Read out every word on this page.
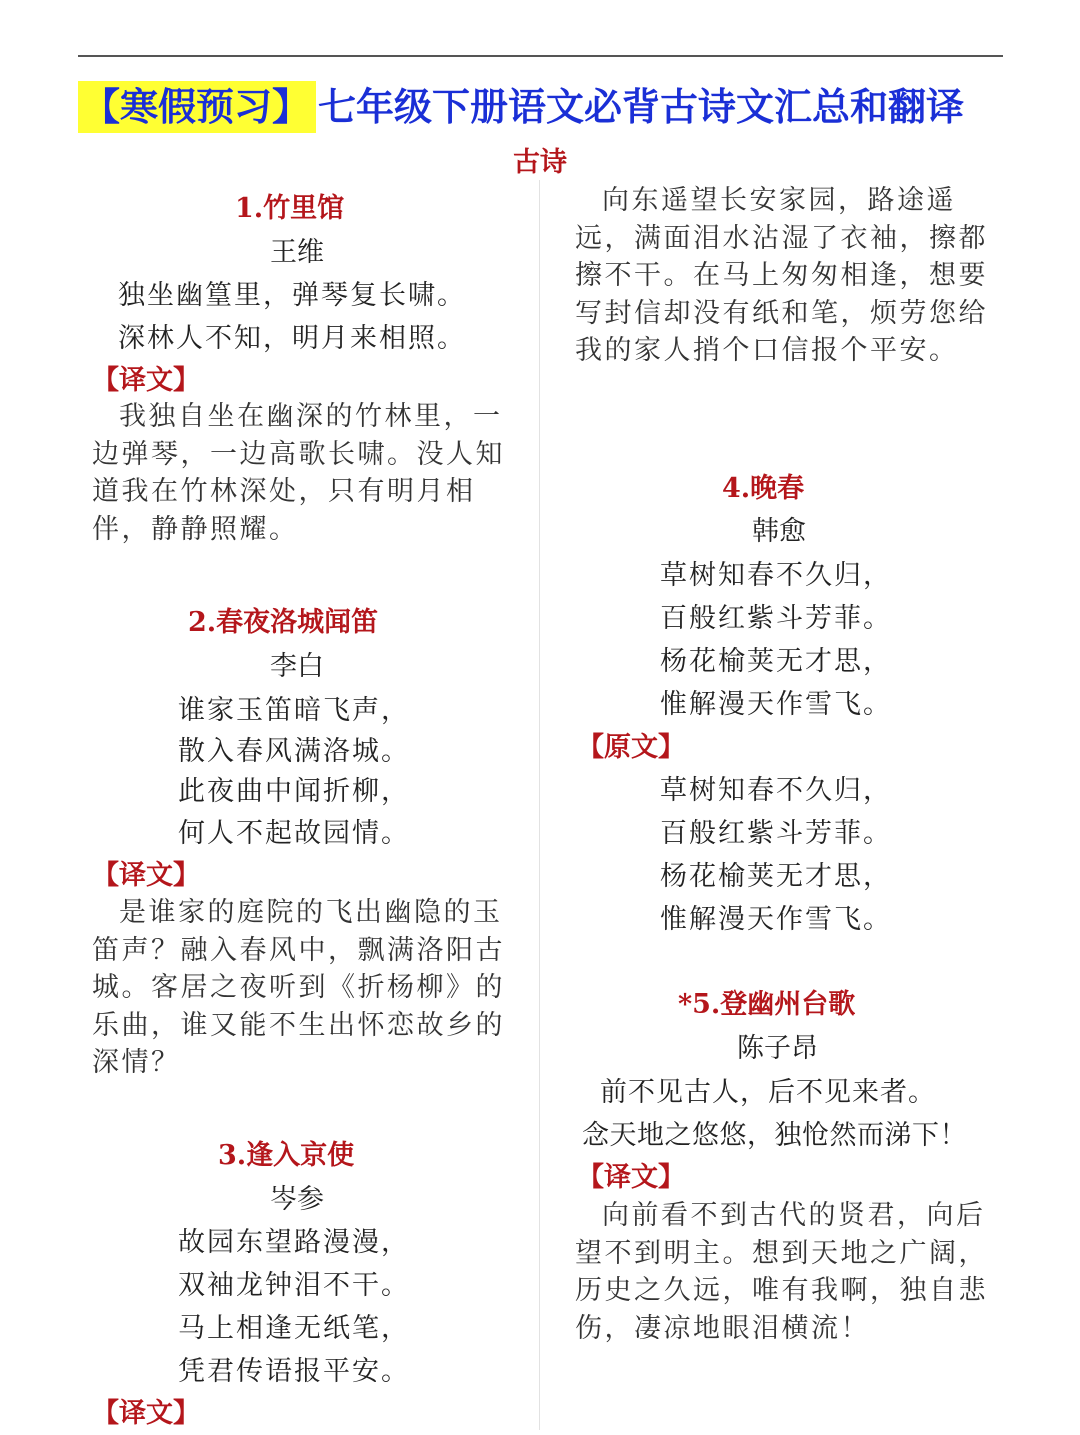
【寒假预习】 七年级下册语文必背古诗文汇总和翻译
古诗
1.竹里馆
王维
独坐幽篁里，弹琴复长啸。
深林人不知，明月来相照。
【译文】
我独自坐在幽深的竹林里，一边弹琴，一边高歌长啸。没人知道我在竹林深处，只有明月相伴，静静照耀。
2.春夜洛城闻笛
李白
谁家玉笛暗飞声，
散入春风满洛城。
此夜曲中闻折柳，
何人不起故园情。
【译文】
是谁家的庭院的飞出幽隐的玉笛声？融入春风中，飘满洛阳古城。客居之夜听到《折杨柳》的乐曲，谁又能不生出怀恋故乡的深情？
3.逢入京使
岑参
故园东望路漫漫，
双袖龙钟泪不干。
马上相逢无纸笔，
凭君传语报平安。
【译文】
向东遥望长安家园，路途遥远，满面泪水沾湿了衣袖，擦都擦不干。在马上匆匆相逢，想要写封信却没有纸和笔，烦劳您给我的家人捎个口信报个平安。
4.晚春
韩愈
草树知春不久归，
百般红紫斗芳菲。
杨花榆荚无才思，
惟解漫天作雪飞。
【原文】
草树知春不久归，
百般红紫斗芳菲。
杨花榆荚无才思，
惟解漫天作雪飞。
*5.登幽州台歌
陈子昂
前不见古人，后不见来者。
念天地之悠悠，独怆然而涕下！
【译文】
向前看不到古代的贤君，向后望不到明主。想到天地之广阔，历史之久远，唯有我啊，独自悲伤，凄凉地眼泪横流！
